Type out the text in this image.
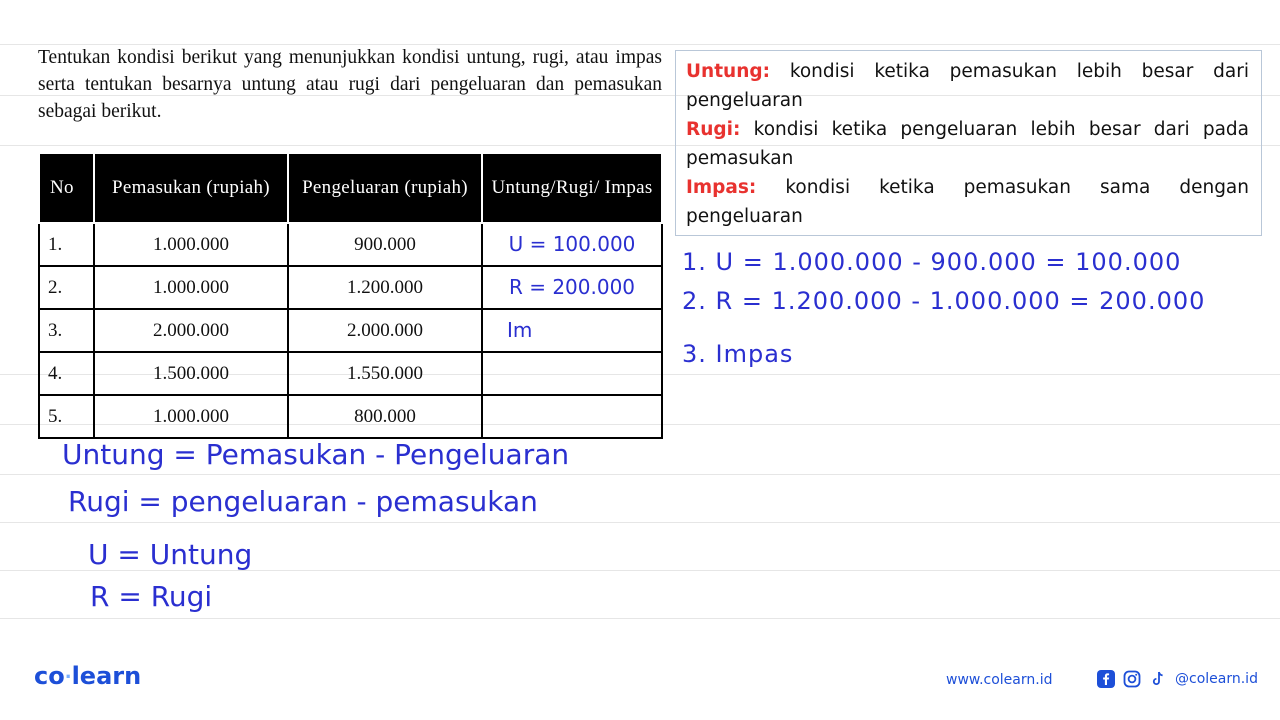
Tentukan kondisi berikut yang menunjukkan kondisi untung, rugi, atau impas serta tentukan besarnya untung atau rugi dari pengeluaran dan pemasukan sebagai berikut.
No	Pemasukan (rupiah)	Pengeluaran (rupiah)	Untung/Rugi/ Impas
1.	1.000.000	900.000	U = 100.000
2.	1.000.000	1.200.000	R = 200.000
3.	2.000.000	2.000.000	Im
4.	1.500.000	1.550.000	
5.	1.000.000	800.000	

Untung: kondisi ketika pemasukan lebih besar dari pengeluaran

Rugi: kondisi ketika pengeluaran lebih besar dari pada pemasukan

Impas: kondisi ketika pemasukan sama dengan pengeluaran

1. U = 1.000.000 - 900.000 = 100.000
2. R = 1.200.000 - 1.000.000 = 200.000
3. Impas
Untung = Pemasukan - Pengeluaran
Rugi = pengeluaran - pemasukan
U = Untung
R = Rugi
co·learn	www.colearn.id	@colearn.id
